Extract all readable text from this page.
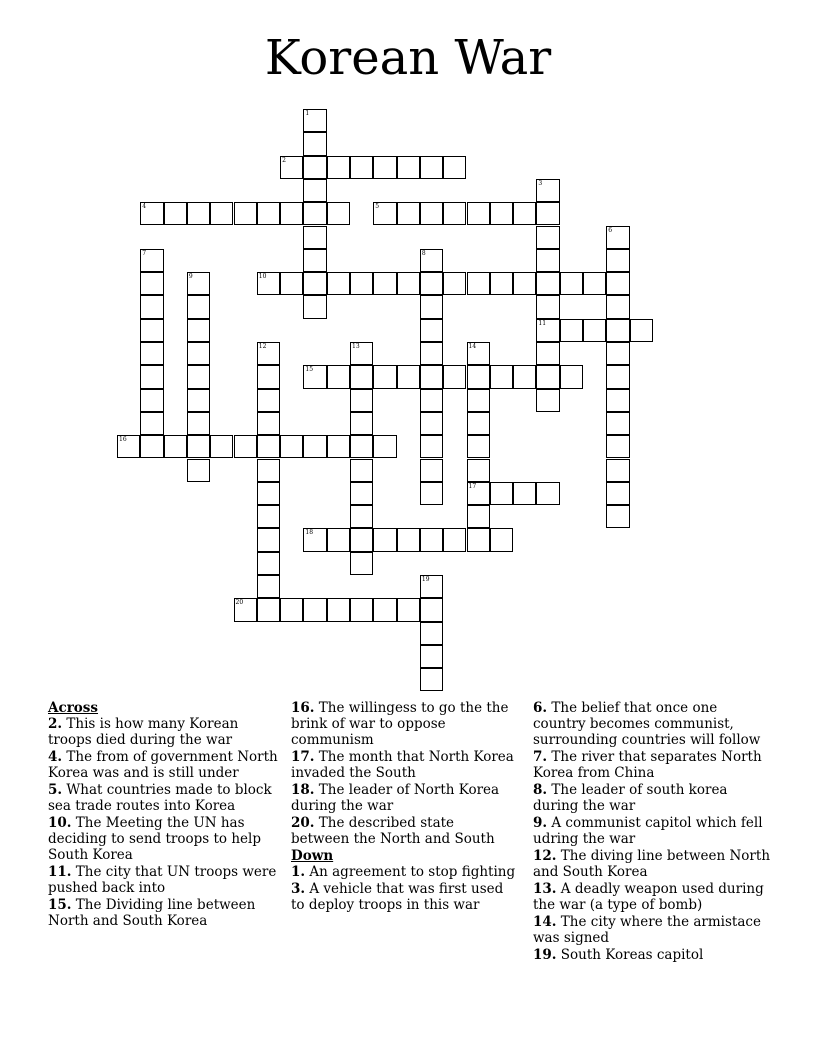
Korean War
1
2
3
11
4	5
6
7	8
9	10
12	13	14
17
15
16
18
19
20
Across
2. This is how many Korean troops died during the war
4. The from of government North Korea was and is still under
5. What countries made to block sea trade routes into Korea
10. The Meeting the UN has deciding to send troops to help South Korea
11. The city that UN troops were pushed back into
15. The Dividing line between North and South Korea
16. The willingess to go the the brink of war to oppose communism
17. The month that North Korea invaded the South
18. The leader of North Korea during the war
20. The described state between the North and South
Down
1. An agreement to stop fighting
3. A vehicle that was first used to deploy troops in this war
6. The belief that once one country becomes communist, surrounding countries will follow
7. The river that separates North Korea from China
8. The leader of south korea during the war
9. A communist capitol which fell udring the war
12. The diving line between North and South Korea
13. A deadly weapon used during the war (a type of bomb)
14. The city where the armistace was signed
19. South Koreas capitol
